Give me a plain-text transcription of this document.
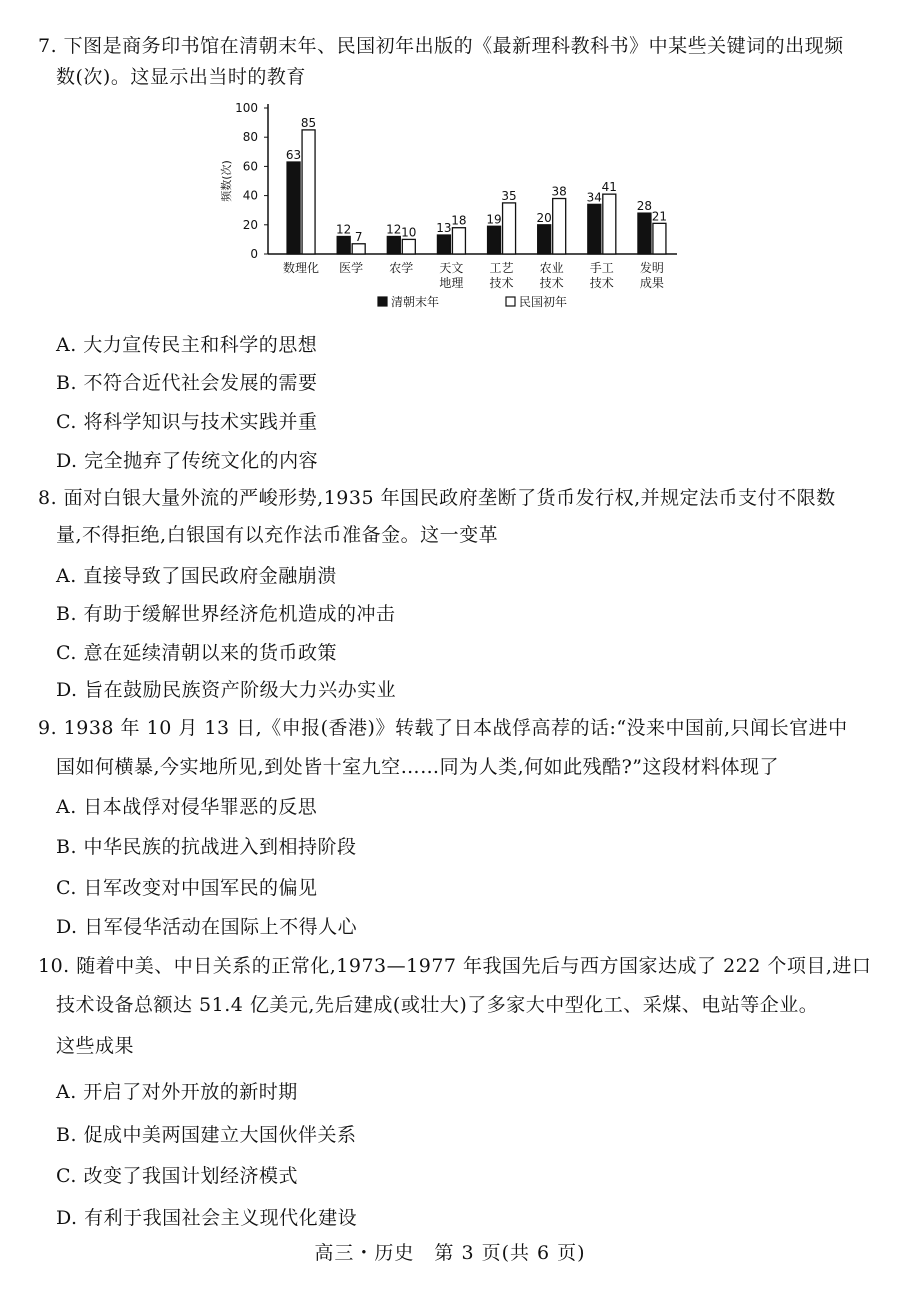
7. 下图是商务印书馆在清朝末年、民国初年出版的《最新理科教科书》中某些关键词的出现频
数(次)。这显示出当时的教育
0
20
40
60
80
100
频数(次)
63
85
数理化
12
7
医学
12 10
农学
13
18
天文
地理
19
35
工艺
技术
20
38
农业
技术
34
41
手工
技术
28
21
发明
成果
清朝末年	民国初年
A. 大力宣传民主和科学的思想
B. 不符合近代社会发展的需要
C. 将科学知识与技术实践并重
D. 完全抛弃了传统文化的内容
8. 面对白银大量外流的严峻形势,1935 年国民政府垄断了货币发行权,并规定法币支付不限数
量,不得拒绝,白银国有以充作法币准备金。这一变革
A. 直接导致了国民政府金融崩溃
B. 有助于缓解世界经济危机造成的冲击
C. 意在延续清朝以来的货币政策
D. 旨在鼓励民族资产阶级大力兴办实业
9. 1938 年 10 月 13 日,《申报(香港)》转载了日本战俘高荐的话:“没来中国前,只闻长官进中
国如何横暴,今实地所见,到处皆十室九空……同为人类,何如此残酷?”这段材料体现了
A. 日本战俘对侵华罪恶的反思
B. 中华民族的抗战进入到相持阶段
C. 日军改变对中国军民的偏见
D. 日军侵华活动在国际上不得人心
10. 随着中美、中日关系的正常化,1973—1977 年我国先后与西方国家达成了 222 个项目,进口
技术设备总额达 51.4 亿美元,先后建成(或壮大)了多家大中型化工、采煤、电站等企业。
这些成果
A. 开启了对外开放的新时期
B. 促成中美两国建立大国伙伴关系
C. 改变了我国计划经济模式
D. 有利于我国社会主义现代化建设
高三・历史　第 3 页(共 6 页)
